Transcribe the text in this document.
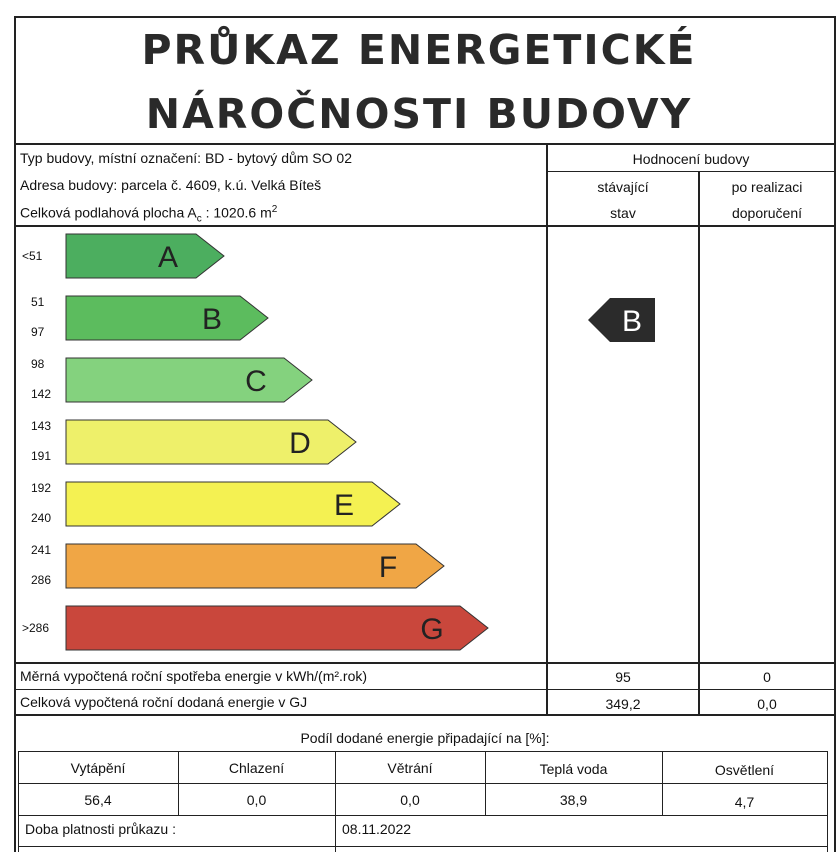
PRŮKAZ ENERGETICKÉ
NÁROČNOSTI BUDOVY
Typ budovy, místní označení: BD - bytový dům SO 02
Adresa budovy: parcela č. 4609, k.ú. Velká Bíteš
Celková podlahová plocha $A_c$ : 1020.6 $m^2$
Hodnocení budovy
stávající
stav
po realizaci
doporučení
<51
51
97
98
142
143
191
192
240
241
286
>286
A
B
C
D
E
F
G
B
Měrná vypočtená roční spotřeba energie v kWh/(m².rok)	95	0
Celková vypočtená roční dodaná energie v GJ	349,2	0,0
Podíl dodané energie připadající na [%]:
Vytápění	Chlazení	Větrání	Teplá voda	Osvětlení
56,4	0,0	0,0	38,9	4,7
Doba platnosti průkazu :	08.11.2022
